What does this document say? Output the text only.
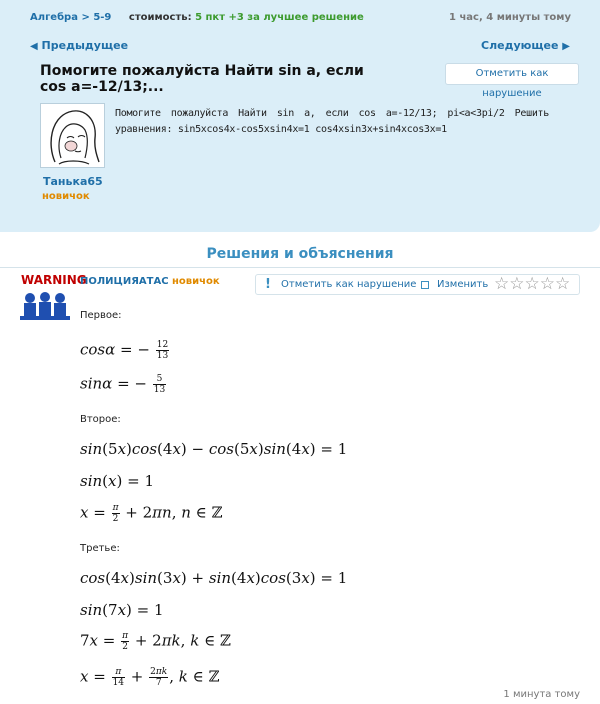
Алгебра > 5-9 стоимость: 5 пкт +3 за лучшее решение	1 час, 4 минуты тому
◀ Предыдущее	Следующее ▶
Помогите пожалуйста Найти sin a, если cos a=-12/13;...
Отметить как нарушение
Помогите пожалуйста Найти sin a, если cos a=-12/13; pi<a<3pi/2 Решить уравнения: sin5xcos4x-cos5xsin4x=1 cos4xsin3x+sin4xcos3x=1
Танька65
новичок
Решения и объяснения
WARNING
ПОЛИЦИЯАТАС новичок	! Отметить как нарушение Изменить ☆☆☆☆☆
Первое:
cosα = − $\frac{12}{13}$
sinα = − $\frac{5}{13}$
Второе:
sin(5x)cos(4x) − cos(5x)sin(4x) = 1
sin(x) = 1
$x = \frac{\pi}{2} + 2\pi n$, n ∈ ℤ
Третье:
cos(4x)sin(3x) + sin(4x)cos(3x) = 1
sin(7x) = 1
$7x = \frac{\pi}{2} + 2\pi k$, k ∈ ℤ
$x = \frac{\pi}{14} + \frac{2\pi k}{7}$ , k ∈ ℤ
1 минута тому
